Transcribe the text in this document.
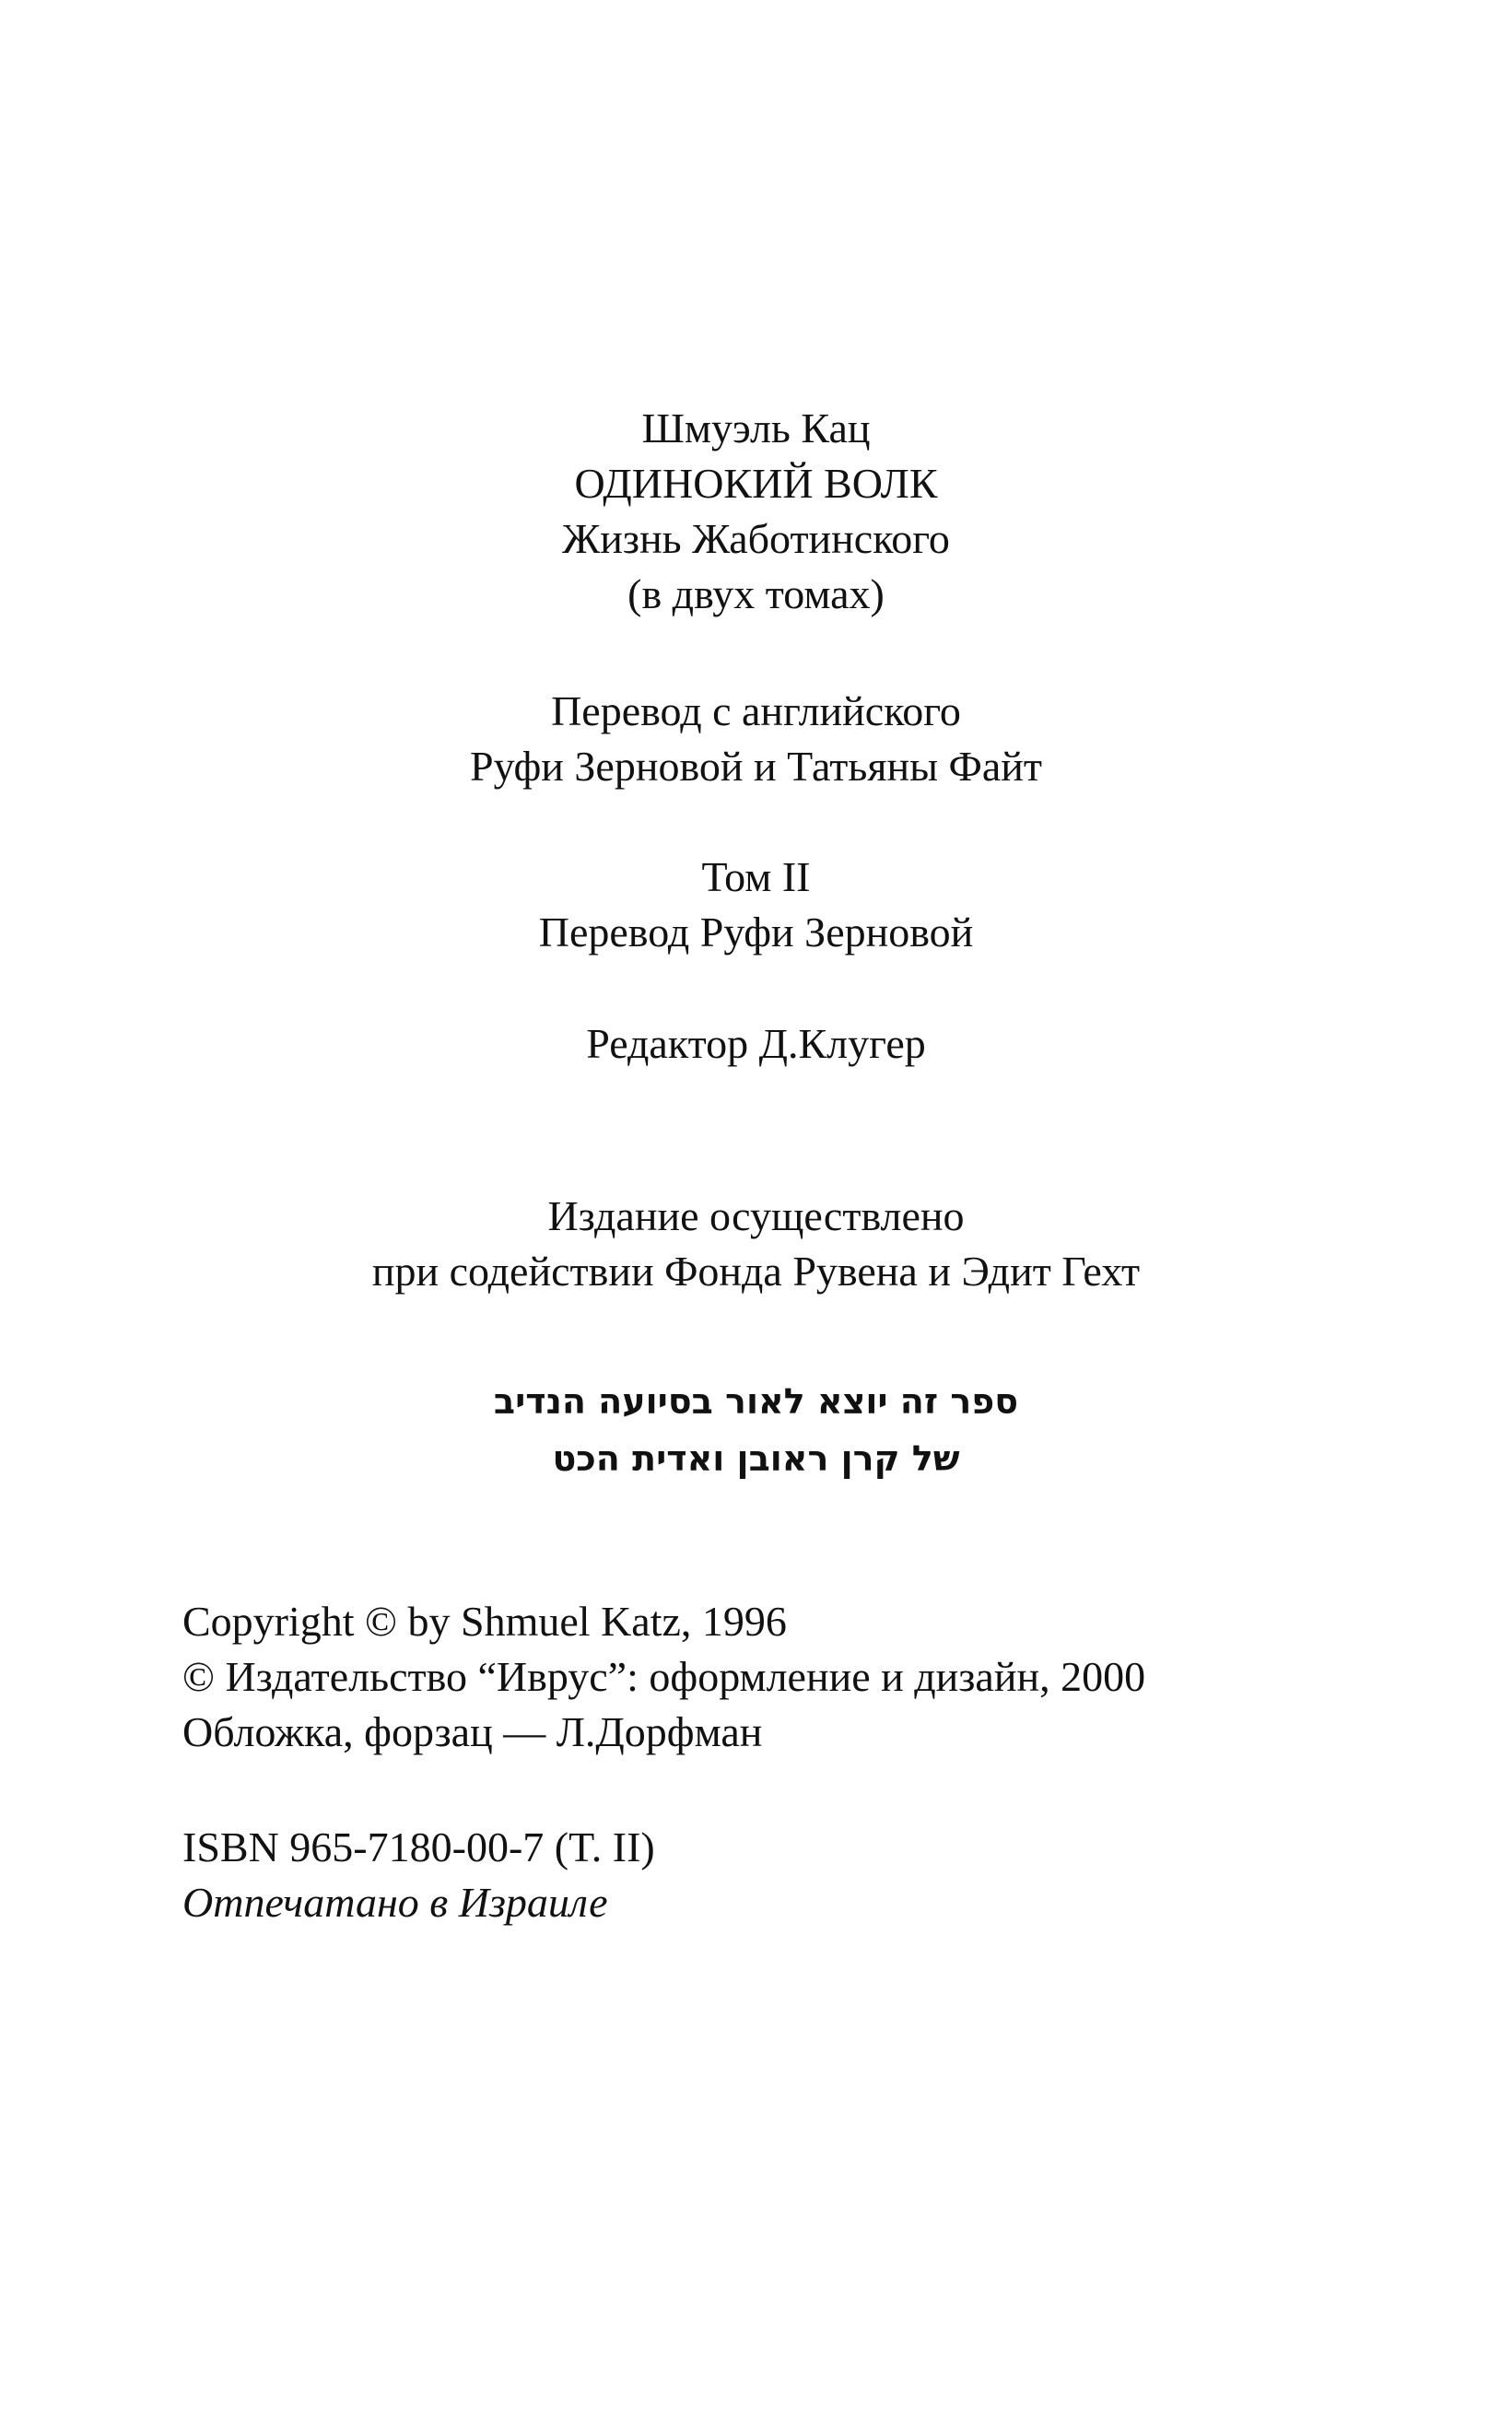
Шмуэль Кац
ОДИНОКИЙ ВОЛК
Жизнь Жаботинского
(в двух томах)
Перевод с английского
Руфи Зерновой и Татьяны Файт
Том II
Перевод Руфи Зерновой
Редактор Д.Клугер
Издание осуществлено
при содействии Фонда Рувена и Эдит Гехт
ספר זה יוצא לאור בסיועה הנדיב
של קרן ראובן ואדית הכט
Copyright © by Shmuel Katz, 1996
© Издательство “Иврус”: оформление и дизайн, 2000
Обложка, форзац — Л.Дорфман
ISBN 965-7180-00-7 (T. II)
Отпечатано в Израиле
